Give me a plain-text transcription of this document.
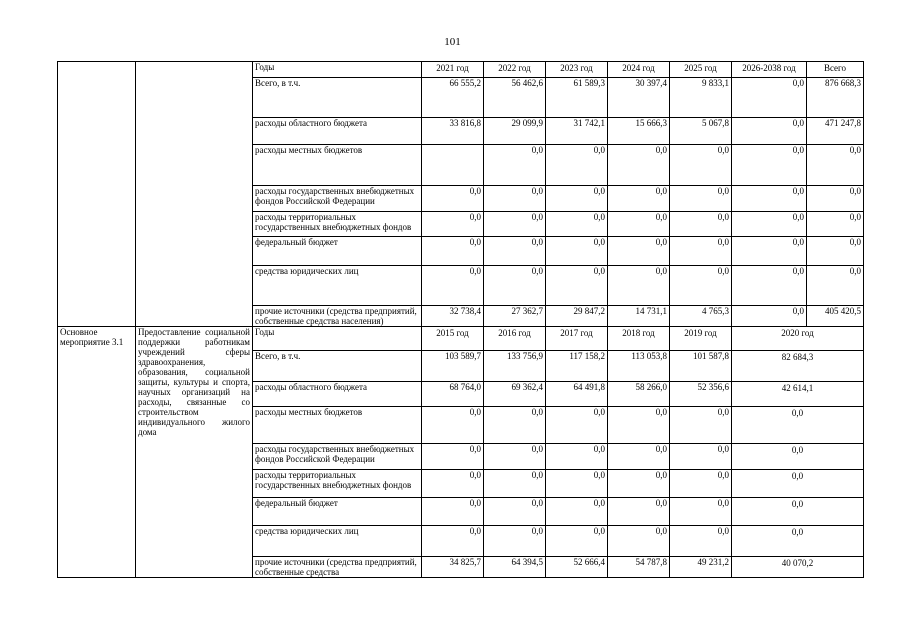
101
		Годы	2021 год	2022 год	2023 год	2024 год	2025 год	2026-2038 год	Всего
		Всего, в т.ч.	66 555,2	56 462,6	61 589,3	30 397,4	9 833,1	0,0	876 668,3
		расходы областного бюджета	33 816,8	29 099,9	31 742,1	15 666,3	5 067,8	0,0	471 247,8
		расходы местных бюджетов		0,0	0,0	0,0	0,0	0,0	0,0
		расходы государственных внебюджетных фондов Российской Федерации	0,0	0,0	0,0	0,0	0,0	0,0	0,0
		расходы территориальных государственных внебюджетных фондов	0,0	0,0	0,0	0,0	0,0	0,0	0,0
		федеральный бюджет	0,0	0,0	0,0	0,0	0,0	0,0	0,0
		средства юридических лиц	0,0	0,0	0,0	0,0	0,0	0,0	0,0
		прочие источники (средства предприятий, собственные средства населения)	32 738,4	27 362,7	29 847,2	14 731,1	4 765,3	0,0	405 420,5
Основное мероприятие 3.1	Предоставление социальной поддержки работникам учреждений сферы здравоохранения, образования, социальной защиты, культуры и спорта, научных организаций на расходы, связанные со строительством индивидуального жилого дома	Годы	2015 год	2016 год	2017 год	2018 год	2019 год	2020 год	
		Всего, в т.ч.	103 589,7	133 756,9	117 158,2	113 053,8	101 587,8	82 684,3	
		расходы областного бюджета	68 764,0	69 362,4	64 491,8	58 266,0	52 356,6	42 614,1	
		расходы местных бюджетов	0,0	0,0	0,0	0,0	0,0	0,0	
		расходы государственных внебюджетных фондов Российской Федерации	0,0	0,0	0,0	0,0	0,0	0,0	
		расходы территориальных государственных внебюджетных фондов	0,0	0,0	0,0	0,0	0,0	0,0	
		федеральный бюджет	0,0	0,0	0,0	0,0	0,0	0,0	
		средства юридических лиц	0,0	0,0	0,0	0,0	0,0	0,0	
		прочие источники (средства предприятий, собственные средства	34 825,7	64 394,5	52 666,4	54 787,8	49 231,2	40 070,2	
